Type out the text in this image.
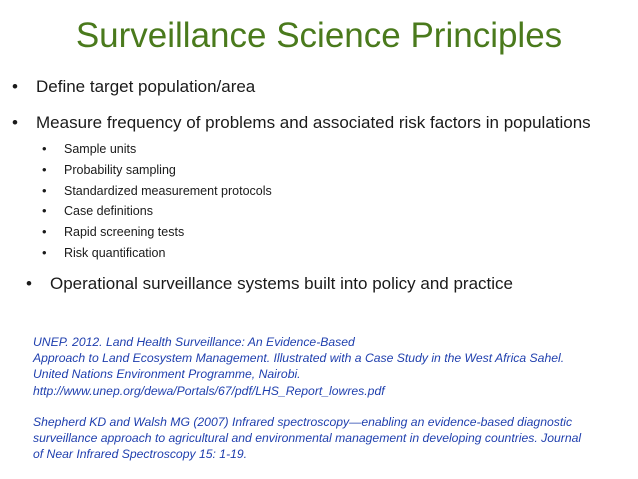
Surveillance Science Principles
• Define target population/area
• Measure frequency of problems and associated risk factors in populations
• Sample units
• Probability sampling
• Standardized measurement protocols
• Case definitions
• Rapid screening tests
• Risk quantification
• Operational surveillance systems built into policy and practice

UNEP. 2012. Land Health Surveillance: An Evidence-Based
Approach to Land Ecosystem Management. Illustrated with a Case Study in the West Africa Sahel.
United Nations Environment Programme, Nairobi.
http://www.unep.org/dewa/Portals/67/pdf/LHS_Report_lowres.pdf

Shepherd KD and Walsh MG (2007) Infrared spectroscopy—enabling an evidence-based diagnostic
surveillance approach to agricultural and environmental management in developing countries. Journal
of Near Infrared Spectroscopy 15: 1-19.
